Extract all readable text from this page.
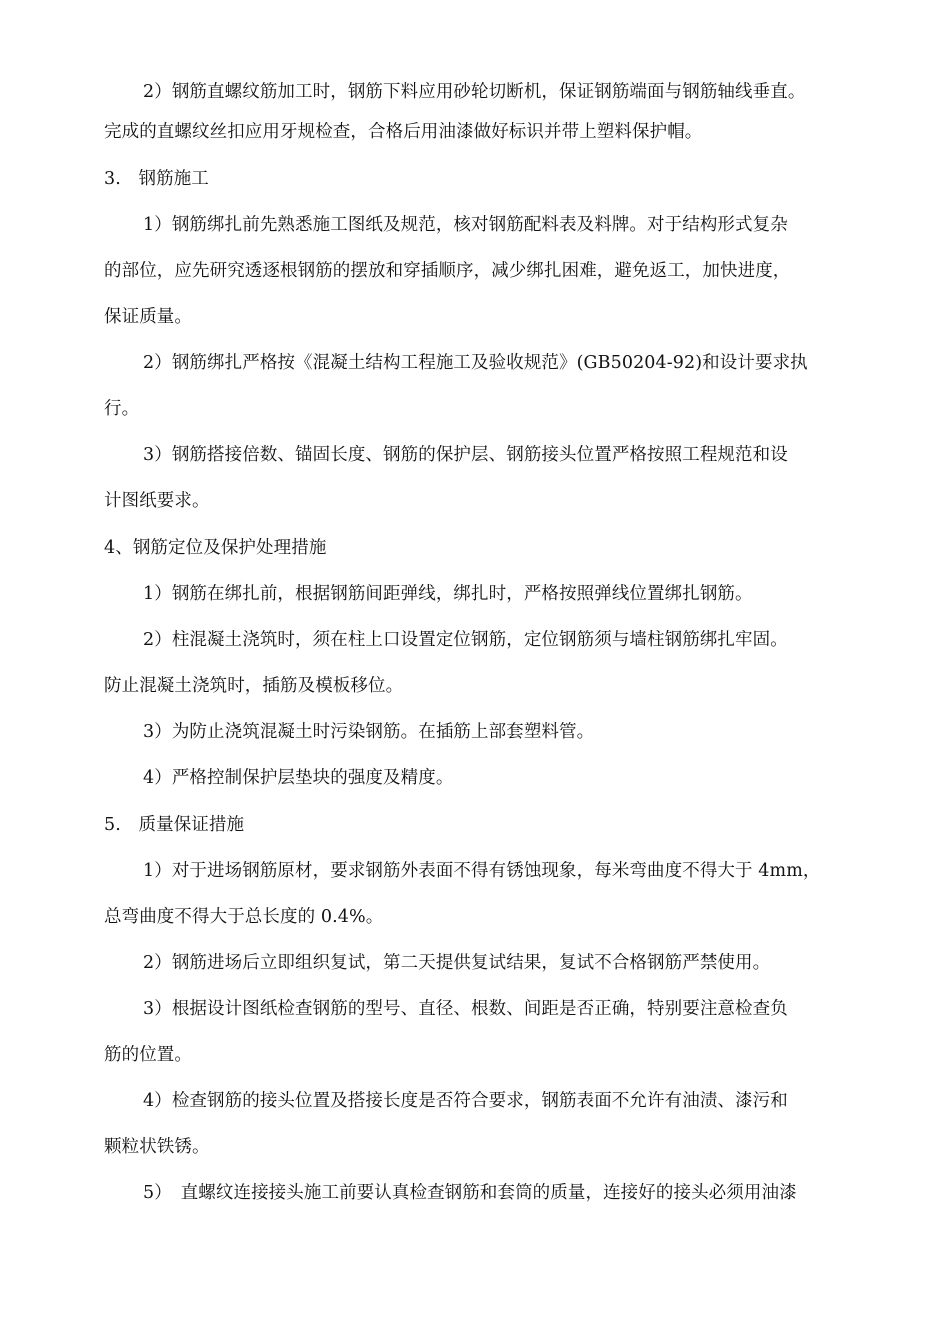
2）钢筋直螺纹筋加工时，钢筋下料应用砂轮切断机，保证钢筋端面与钢筋轴线垂直。
完成的直螺纹丝扣应用牙规检查，合格后用油漆做好标识并带上塑料保护帽。
3.　钢筋施工
1）钢筋绑扎前先熟悉施工图纸及规范，核对钢筋配料表及料牌。对于结构形式复杂
的部位，应先研究透逐根钢筋的摆放和穿插顺序，减少绑扎困难，避免返工，加快进度，
保证质量。
2）钢筋绑扎严格按《混凝土结构工程施工及验收规范》(GB50204-92)和设计要求执
行。
3）钢筋搭接倍数、锚固长度、钢筋的保护层、钢筋接头位置严格按照工程规范和设
计图纸要求。
4、钢筋定位及保护处理措施
1）钢筋在绑扎前，根据钢筋间距弹线，绑扎时，严格按照弹线位置绑扎钢筋。
2）柱混凝土浇筑时，须在柱上口设置定位钢筋，定位钢筋须与墙柱钢筋绑扎牢固。
防止混凝土浇筑时，插筋及模板移位。
3）为防止浇筑混凝土时污染钢筋。在插筋上部套塑料管。
4）严格控制保护层垫块的强度及精度。
5.　质量保证措施
1）对于进场钢筋原材，要求钢筋外表面不得有锈蚀现象，每米弯曲度不得大于 4mm，
总弯曲度不得大于总长度的 0.4%。
2）钢筋进场后立即组织复试，第二天提供复试结果，复试不合格钢筋严禁使用。
3）根据设计图纸检查钢筋的型号、直径、根数、间距是否正确，特别要注意检查负
筋的位置。
4）检查钢筋的接头位置及搭接长度是否符合要求，钢筋表面不允许有油渍、漆污和
颗粒状铁锈。
5）　直螺纹连接接头施工前要认真检查钢筋和套筒的质量，连接好的接头必须用油漆
